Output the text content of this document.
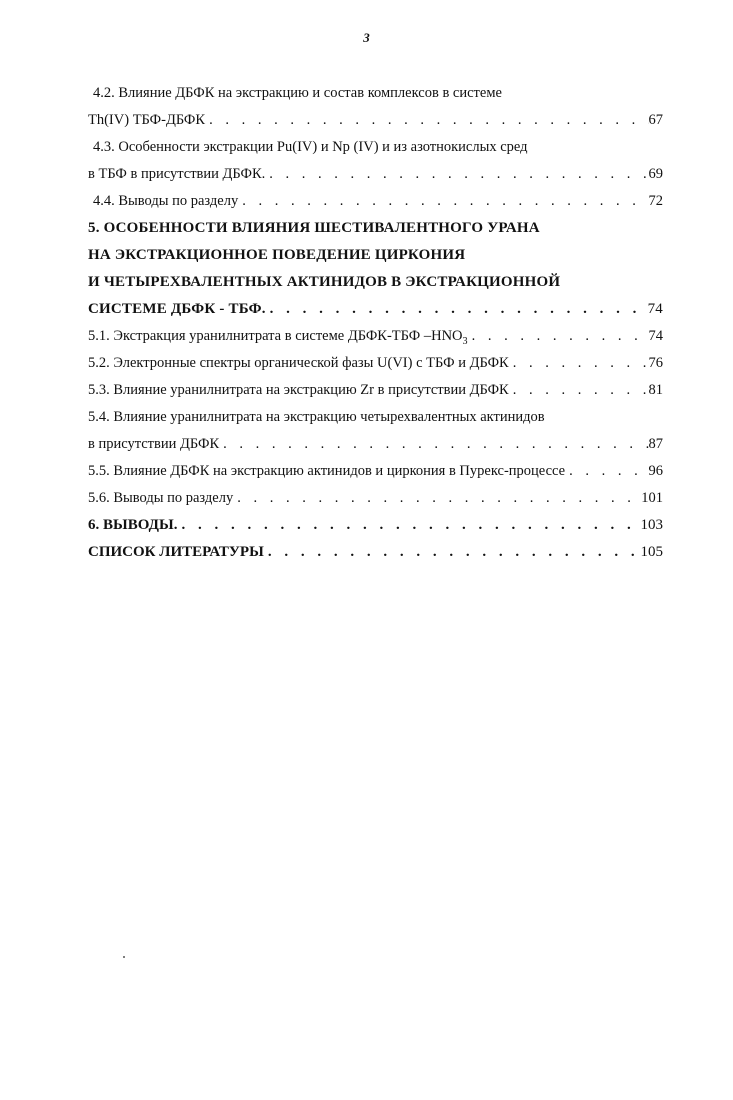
3
4.2. Влияние ДБФК на экстракцию и состав комплексов в системе
Th(IV) ТБФ-ДБФК . . .	67
4.3. Особенности экстракции Pu(IV) и Np (IV) и из азотнокислых сред
в ТБФ в присутствии ДБФК. . . .	69
4.4. Выводы по разделу . . .	72
5. ОСОБЕННОСТИ ВЛИЯНИЯ ШЕСТИВАЛЕНТНОГО УРАНА
НА ЭКСТРАКЦИОННОЕ ПОВЕДЕНИЕ ЦИРКОНИЯ
И ЧЕТЫРЕХВАЛЕНТНЫХ АКТИНИДОВ В ЭКСТРАКЦИОННОЙ
СИСТЕМЕ ДБФК - ТБФ. . . .	74
5.1. Экстракция уранилнитрата в системе ДБФК-ТБФ $-HNO_3$ . . .	74
5.2. Электронные спектры органической фазы U(VI) с ТБФ и ДБФК . . .	76
5.3. Влияние уранилнитрата на экстракцию Zr в присутствии ДБФК . . .	81
5.4. Влияние уранилнитрата на экстракцию четырехвалентных актинидов
в присутствии ДБФК . . .	87
5.5. Влияние ДБФК на экстракцию актинидов и циркония в Пурекс-процессе . . .	96
5.6. Выводы по разделу . . .	101
6. ВЫВОДЫ. . . .	103
СПИСОК ЛИТЕРАТУРЫ . . .	105
